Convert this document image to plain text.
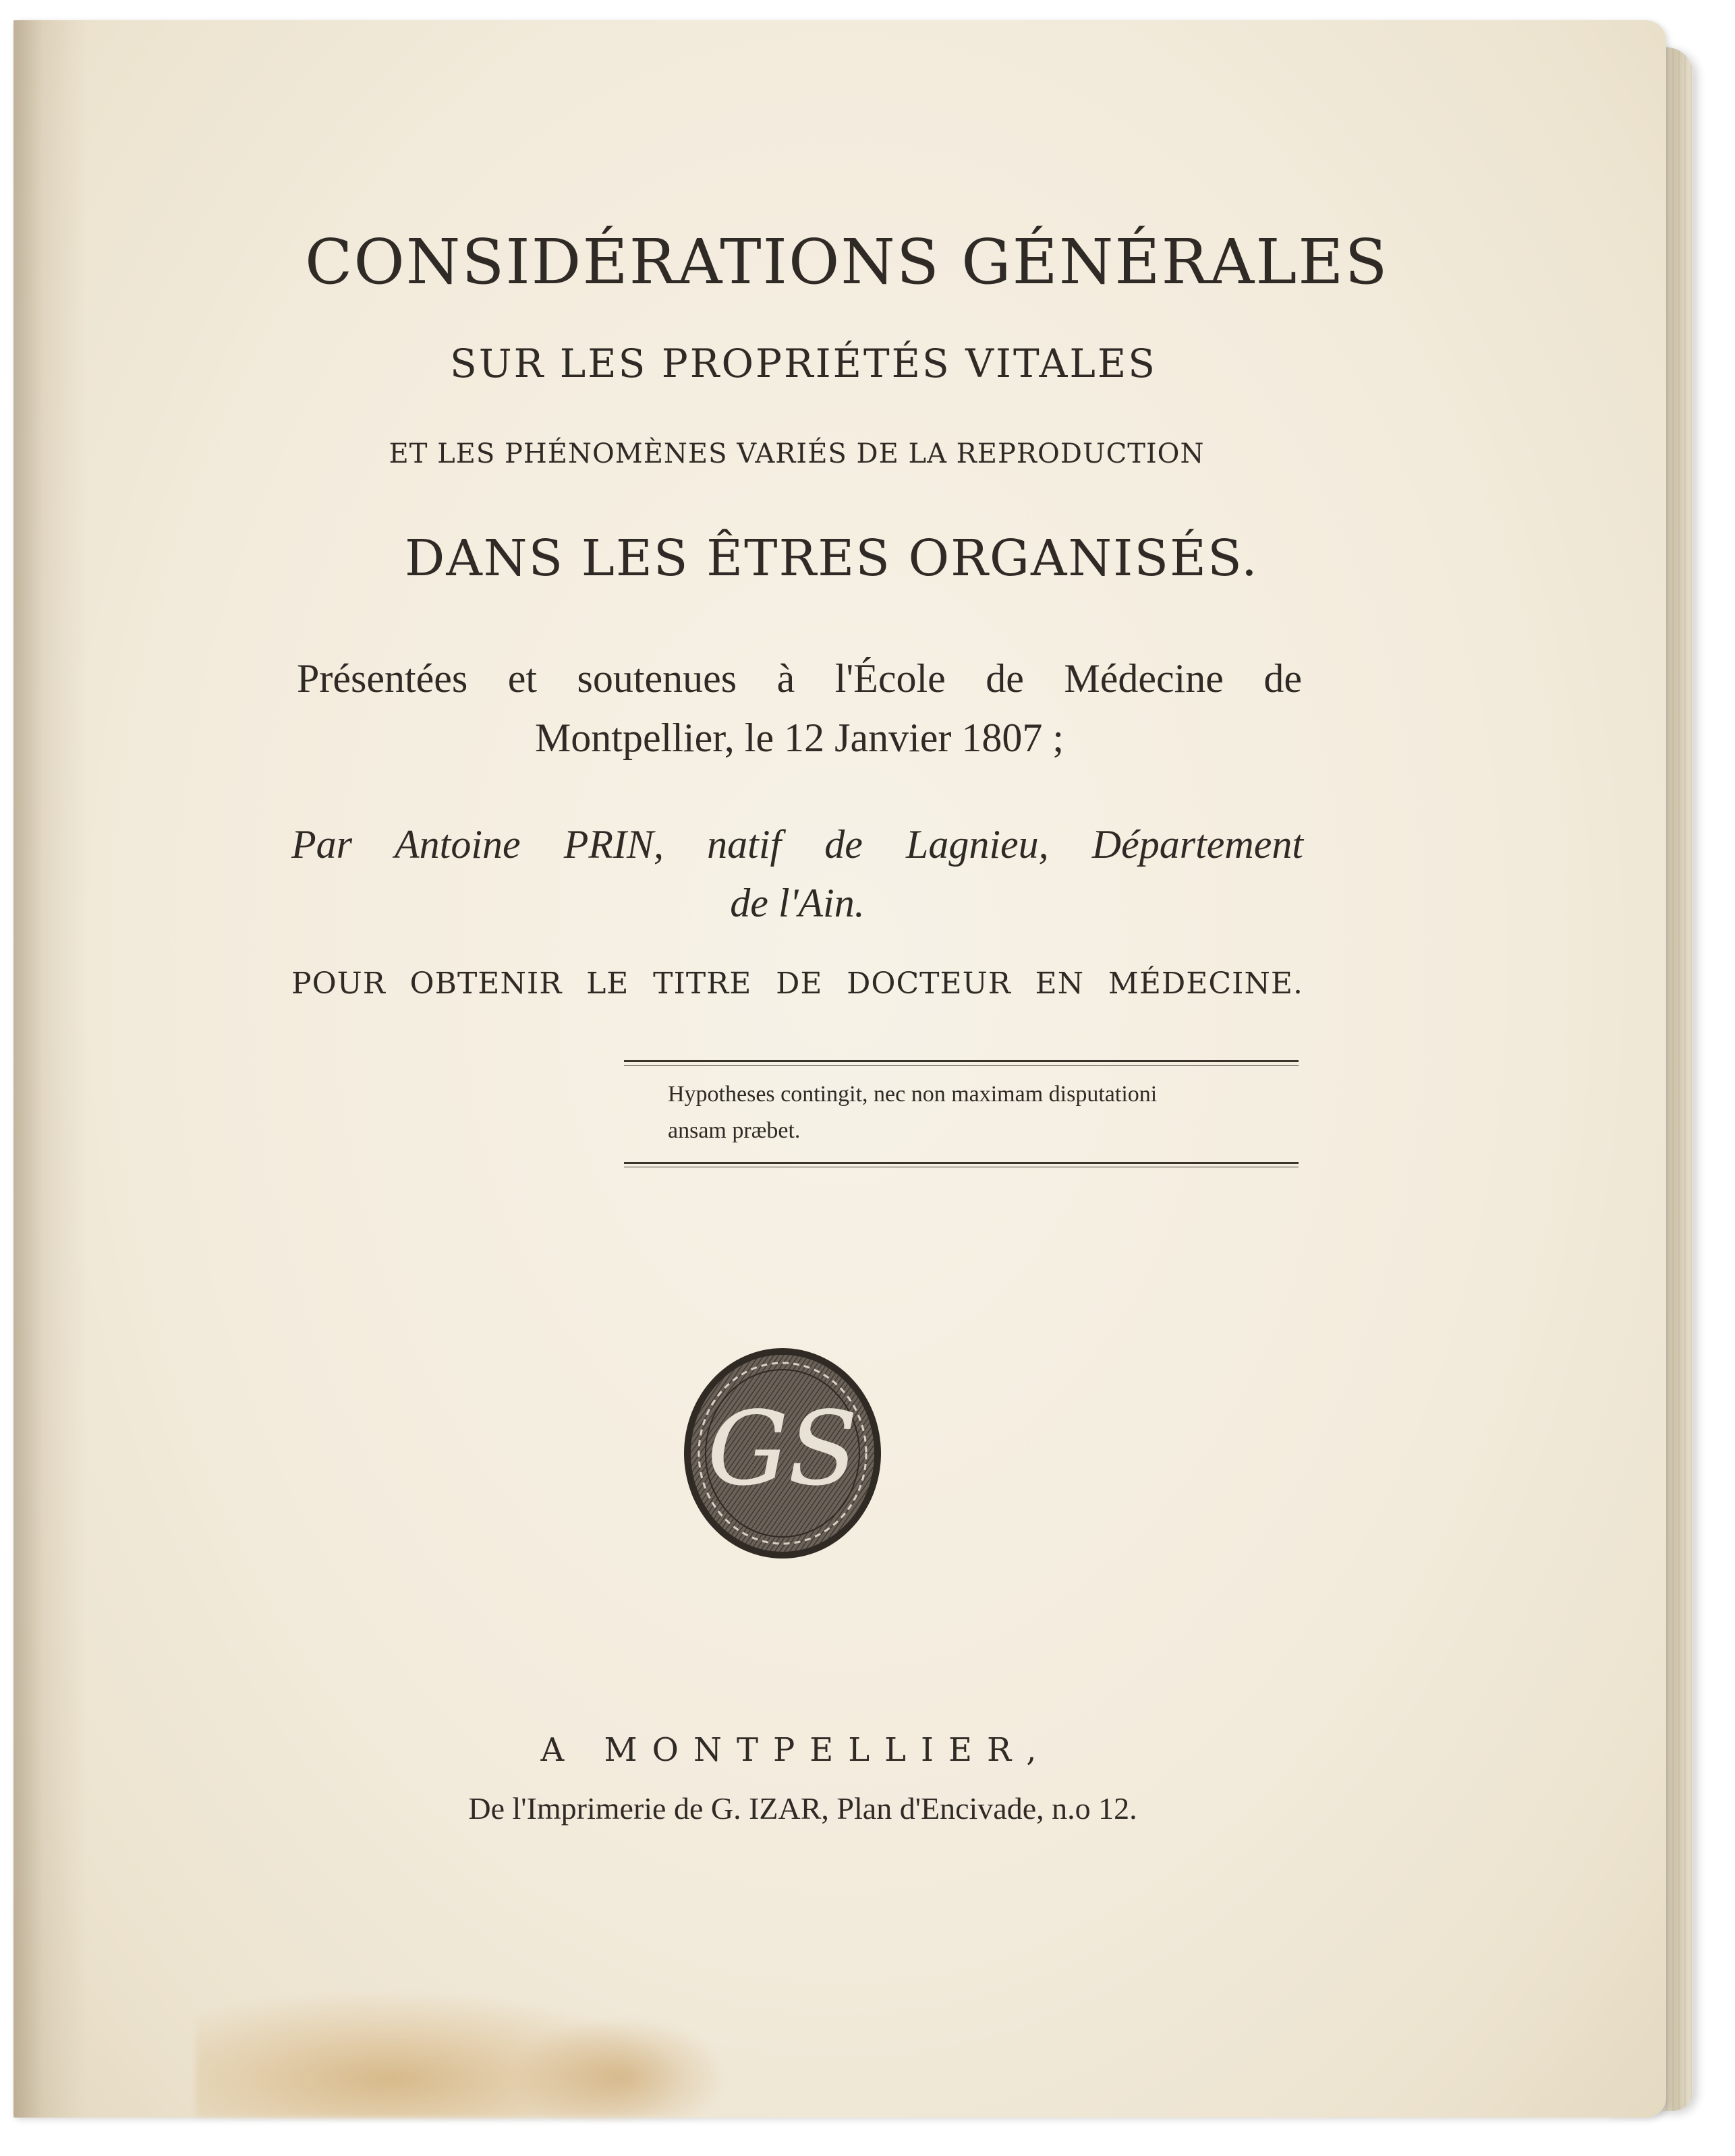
CONSIDÉRATIONS GÉNÉRALES
SUR LES PROPRIÉTÉS VITALES
ET LES PHÉNOMÈNES VARIÉS DE LA REPRODUCTION
DANS LES ÊTRES ORGANISÉS.
Présentées et soutenues à l'École de Médecine de
Montpellier, le 12 Janvier 1807 ;
Par Antoine PRIN, natif de Lagnieu, Département
de l'Ain.
POUR OBTENIR LE TITRE DE DOCTEUR EN MÉDECINE.
Hypotheses contingit, nec non maximam disputationi
ansam præbet.
GS
A MONTPELLIER,
De l'Imprimerie de G. IZAR, Plan d'Encivade, n.o 12.
